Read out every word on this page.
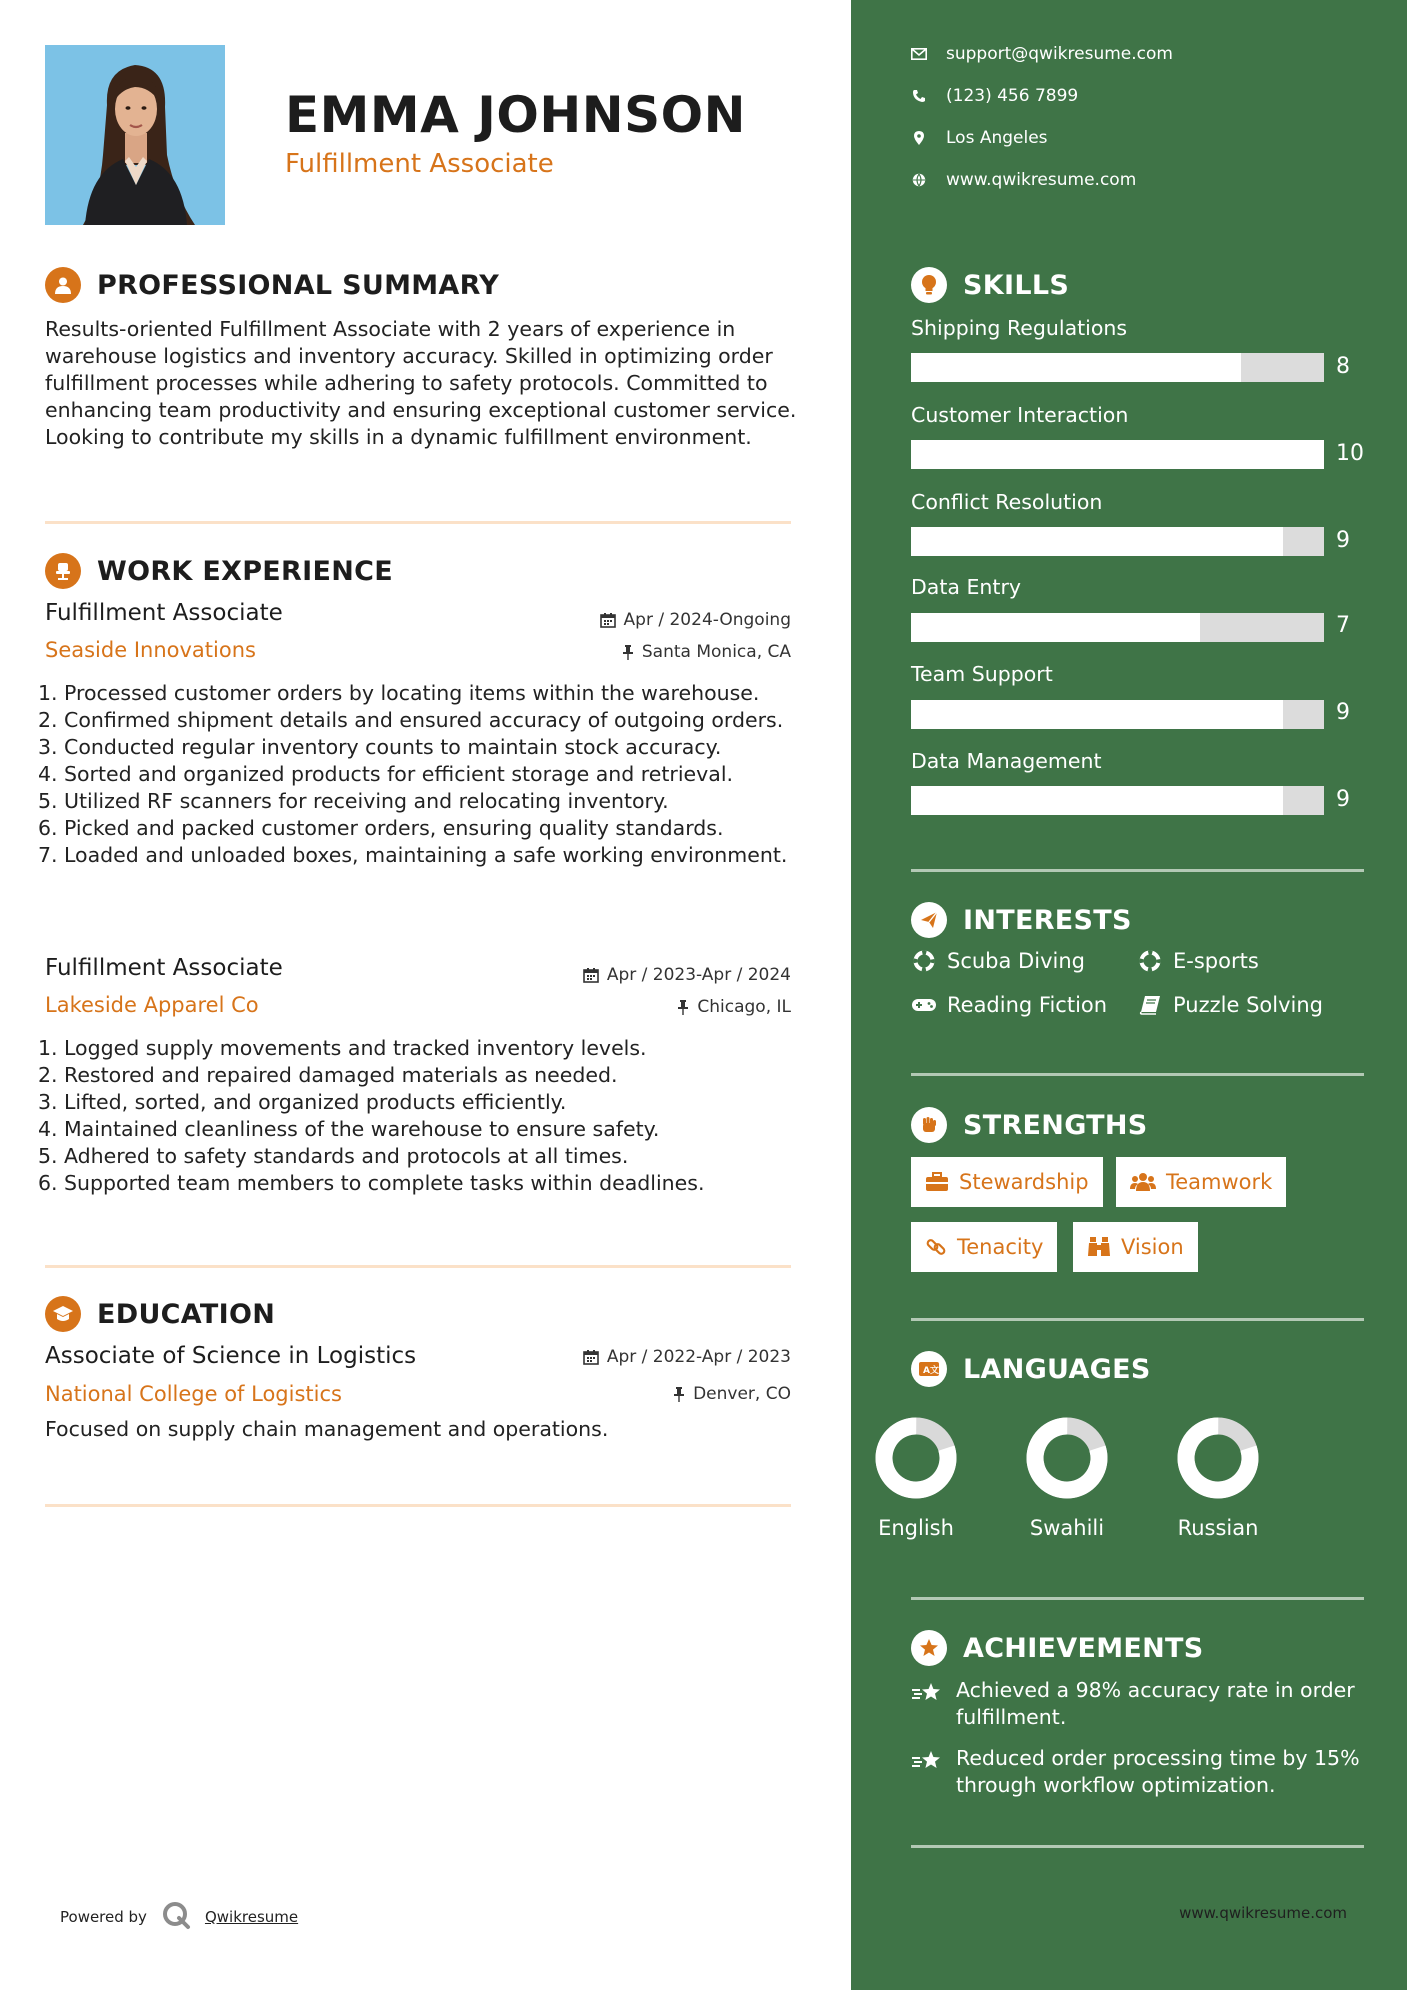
EMMA JOHNSON
Fulfillment Associate
PROFESSIONAL SUMMARY
Results-oriented Fulfillment Associate with 2 years of experience in warehouse logistics and inventory accuracy. Skilled in optimizing order fulfillment processes while adhering to safety protocols. Committed to enhancing team productivity and ensuring exceptional customer service. Looking to contribute my skills in a dynamic fulfillment environment.
WORK EXPERIENCE
Fulfillment Associate	Apr / 2024-Ongoing
Seaside Innovations	Santa Monica, CA
1. Processed customer orders by locating items within the warehouse.
2. Confirmed shipment details and ensured accuracy of outgoing orders.
3. Conducted regular inventory counts to maintain stock accuracy.
4. Sorted and organized products for efficient storage and retrieval.
5. Utilized RF scanners for receiving and relocating inventory.
6. Picked and packed customer orders, ensuring quality standards.
7. Loaded and unloaded boxes, maintaining a safe working environment.
Fulfillment Associate	Apr / 2023-Apr / 2024
Lakeside Apparel Co	Chicago, IL
1. Logged supply movements and tracked inventory levels.
2. Restored and repaired damaged materials as needed.
3. Lifted, sorted, and organized products efficiently.
4. Maintained cleanliness of the warehouse to ensure safety.
5. Adhered to safety standards and protocols at all times.
6. Supported team members to complete tasks within deadlines.
EDUCATION
Associate of Science in Logistics	Apr / 2022-Apr / 2023
National College of Logistics	Denver, CO
Focused on supply chain management and operations.
Powered by	Qwikresume
support@qwikresume.com
(123) 456 7899
Los Angeles
www.qwikresume.com
SKILLS
Shipping Regulations
8
Customer Interaction
10
Conflict Resolution
9
Data Entry
7
Team Support
9
Data Management
9
INTERESTS
Scuba Diving	E-sports
Reading Fiction	Puzzle Solving
STRENGTHS
Stewardship	Teamwork
Tenacity	Vision
A 文 LANGUAGES
English	Swahili	Russian
ACHIEVEMENTS
Achieved a 98% accuracy rate in order fulfillment.
Reduced order processing time by 15% through workflow optimization.
www.qwikresume.com
